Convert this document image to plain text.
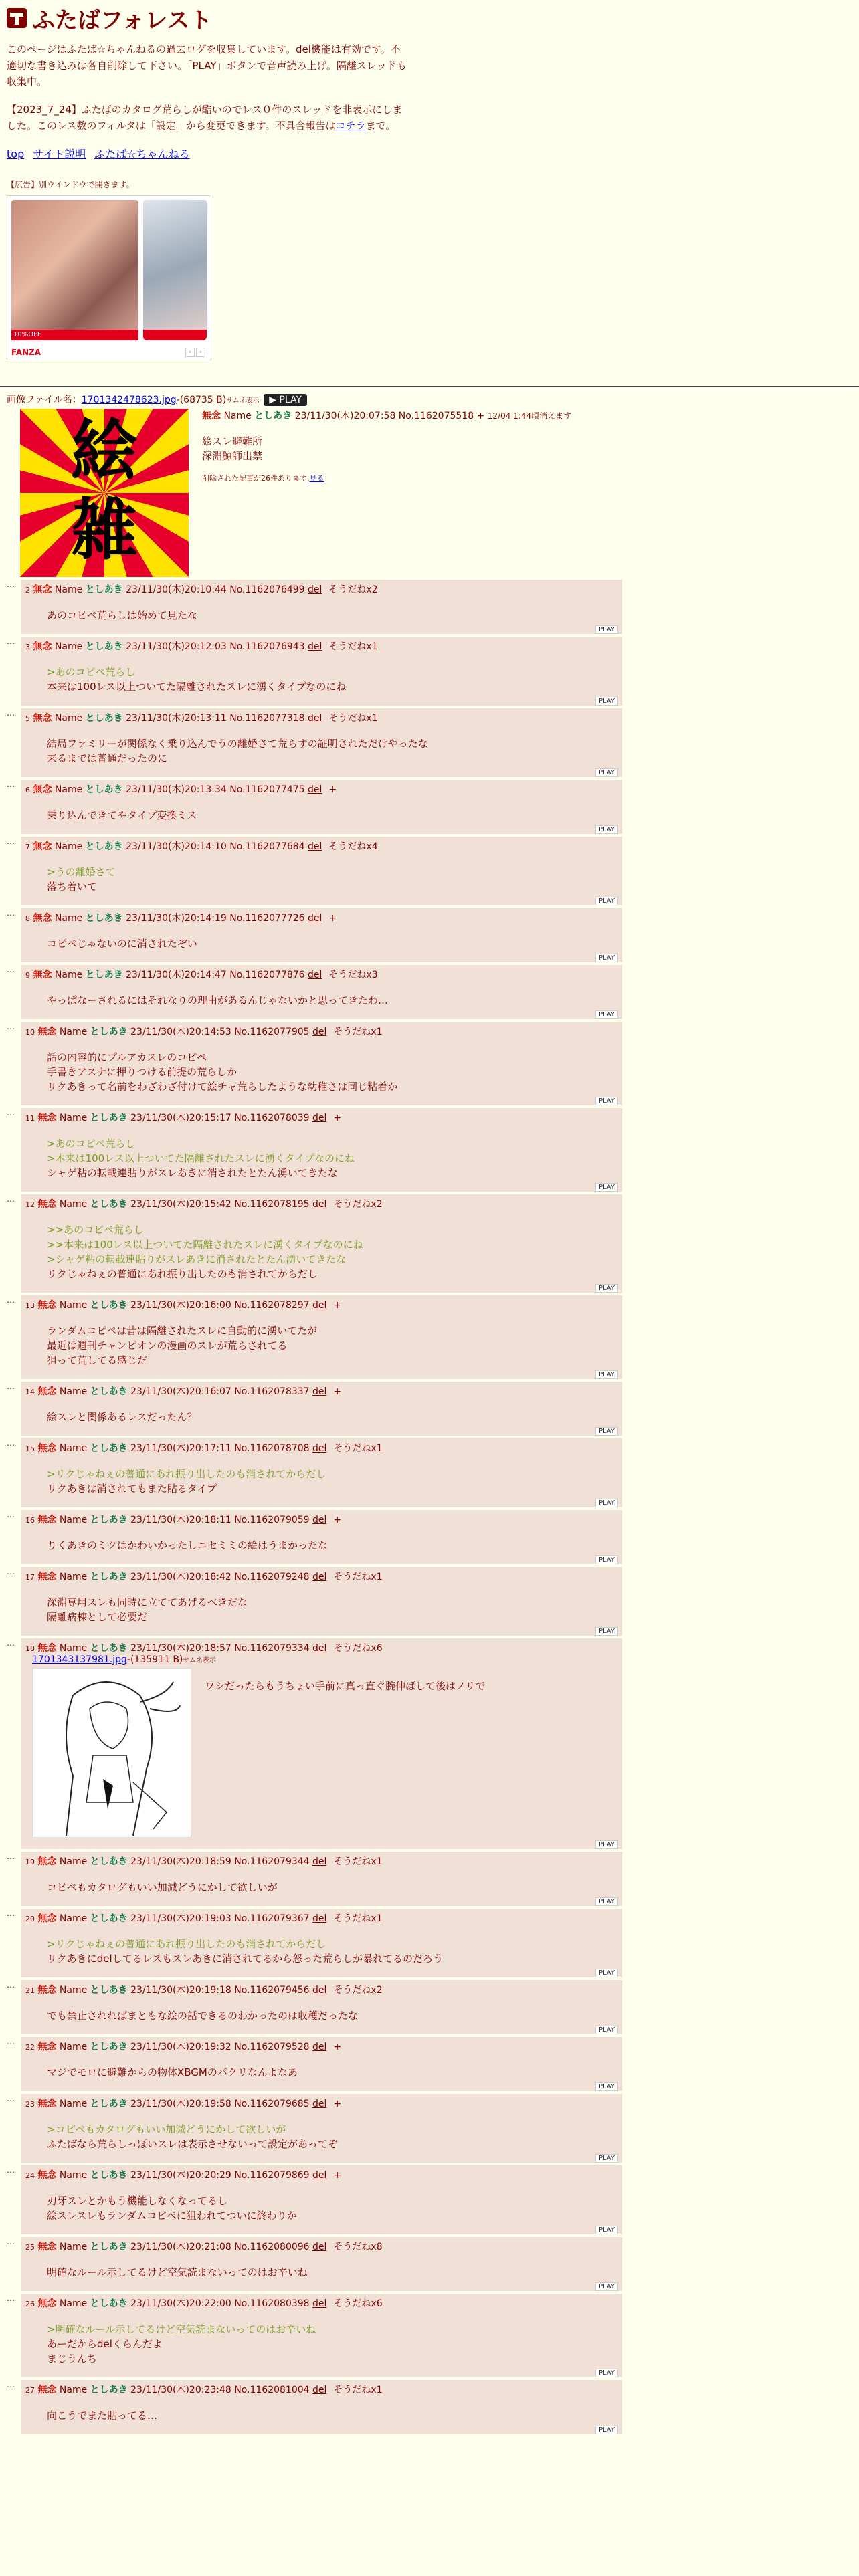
ふたばフォレスト

このページはふたば☆ちゃんねるの過去ログを収集しています。del機能は有効です。不適切な書き込みは各自削除して下さい。「PLAY」ボタンで音声読み上げ。隔離スレッドも収集中。

【2023_7_24】ふたばのカタログ荒らしが酷いのでレス０件のスレッドを非表示にしました。このレス数のフィルタは「設定」から変更できます。不具合報告はコチラまで。

top サイト説明 ふたば☆ちゃんねる
【広告】別ウインドウで開きます。
10%OFF
FANZA	‹	›
画像ファイル名：1701342478623.jpg-(68735 B)サムネ表示 ▶ PLAY
絵
雑
無念 Name としあき 23/11/30(木)20:07:58 No.1162075518 + 12/04 1:44頃消えます
絵スレ避難所
深淵鯨師出禁
削除された記事が26件あります.見る
…
2 無念 Name としあき 23/11/30(木)20:10:44 No.1162076499 del そうだねx2
あのコピペ荒らしは始めて見たな
PLAY
…
3 無念 Name としあき 23/11/30(木)20:12:03 No.1162076943 del そうだねx1
>あのコピペ荒らし
本来は100レス以上ついてた隔離されたスレに湧くタイプなのにね
PLAY
…
5 無念 Name としあき 23/11/30(木)20:13:11 No.1162077318 del そうだねx1
結局ファミリーが関係なく乗り込んでうの離婚さて荒らすの証明されただけやったな
来るまでは普通だったのに
PLAY
…
6 無念 Name としあき 23/11/30(木)20:13:34 No.1162077475 del +
乗り込んできてやタイプ変換ミス
PLAY
…
7 無念 Name としあき 23/11/30(木)20:14:10 No.1162077684 del そうだねx4
>うの離婚さて
落ち着いて
PLAY
…
8 無念 Name としあき 23/11/30(木)20:14:19 No.1162077726 del +
コピペじゃないのに消されたぞい
PLAY
…
9 無念 Name としあき 23/11/30(木)20:14:47 No.1162077876 del そうだねx3
やっぱなーされるにはそれなりの理由があるんじゃないかと思ってきたわ…
PLAY
…
10 無念 Name としあき 23/11/30(木)20:14:53 No.1162077905 del そうだねx1
話の内容的にプルアカスレのコピペ
手書きアスナに押りつける前提の荒らしか
リクあきって名前をわざわざ付けて絵チャ荒らしたような幼稚さは同じ粘着か
PLAY
…
11 無念 Name としあき 23/11/30(木)20:15:17 No.1162078039 del +
>あのコピペ荒らし
>本来は100レス以上ついてた隔離されたスレに湧くタイプなのにね
シャゲ粘の転載連貼りがスレあきに消されたとたん湧いてきたな
PLAY
…
12 無念 Name としあき 23/11/30(木)20:15:42 No.1162078195 del そうだねx2
>>あのコピペ荒らし
>>本来は100レス以上ついてた隔離されたスレに湧くタイプなのにね
>シャゲ粘の転載連貼りがスレあきに消されたとたん湧いてきたな
リクじゃねぇの普通にあれ振り出したのも消されてからだし
PLAY
…
13 無念 Name としあき 23/11/30(木)20:16:00 No.1162078297 del +
ランダムコピペは昔は隔離されたスレに自動的に湧いてたが
最近は週刊チャンピオンの漫画のスレが荒らされてる
狙って荒してる感じだ
PLAY
…
14 無念 Name としあき 23/11/30(木)20:16:07 No.1162078337 del +
絵スレと関係あるレスだったん？
PLAY
…
15 無念 Name としあき 23/11/30(木)20:17:11 No.1162078708 del そうだねx1
>リクじゃねぇの普通にあれ振り出したのも消されてからだし
リクあきは消されてもまた貼るタイプ
PLAY
…
16 無念 Name としあき 23/11/30(木)20:18:11 No.1162079059 del +
りくあきのミクはかわいかったしニセミミの絵はうまかったな
PLAY
…
17 無念 Name としあき 23/11/30(木)20:18:42 No.1162079248 del そうだねx1
深淵専用スレも同時に立ててあげるべきだな
隔離病棟として必要だ
PLAY
…
18 無念 Name としあき 23/11/30(木)20:18:57 No.1162079334 del そうだねx6
1701343137981.jpg-(135911 B)サムネ表示
ワシだったらもうちょい手前に真っ直ぐ腕伸ばして後はノリで
PLAY
…
19 無念 Name としあき 23/11/30(木)20:18:59 No.1162079344 del そうだねx1
コピペもカタログもいい加減どうにかして欲しいが
PLAY
…
20 無念 Name としあき 23/11/30(木)20:19:03 No.1162079367 del そうだねx1
>リクじゃねぇの普通にあれ振り出したのも消されてからだし
リクあきにdelしてるレスもスレあきに消されてるから怒った荒らしが暴れてるのだろう
PLAY
…
21 無念 Name としあき 23/11/30(木)20:19:18 No.1162079456 del そうだねx2
でも禁止されればまともな絵の話できるのわかったのは収穫だったな
PLAY
…
22 無念 Name としあき 23/11/30(木)20:19:32 No.1162079528 del +
マジでモロに避難からの物体XBGMのパクリなんよなあ
PLAY
…
23 無念 Name としあき 23/11/30(木)20:19:58 No.1162079685 del +
>コピペもカタログもいい加減どうにかして欲しいが
ふたばなら荒らしっぽいスレは表示させないって設定があってぞ
PLAY
…
24 無念 Name としあき 23/11/30(木)20:20:29 No.1162079869 del +
刃牙スレとかもう機能しなくなってるし
絵スレスレもランダムコピペに狙われてついに終わりか
PLAY
…
25 無念 Name としあき 23/11/30(木)20:21:08 No.1162080096 del そうだねx8
明確なルール示してるけど空気読まないってのはお辛いね
PLAY
…
26 無念 Name としあき 23/11/30(木)20:22:00 No.1162080398 del そうだねx6
>明確なルール示してるけど空気読まないってのはお辛いね
あーだからdelくらんだよ
まじうんち
PLAY
…
27 無念 Name としあき 23/11/30(木)20:23:48 No.1162081004 del そうだねx1
向こうでまた貼ってる…
PLAY
